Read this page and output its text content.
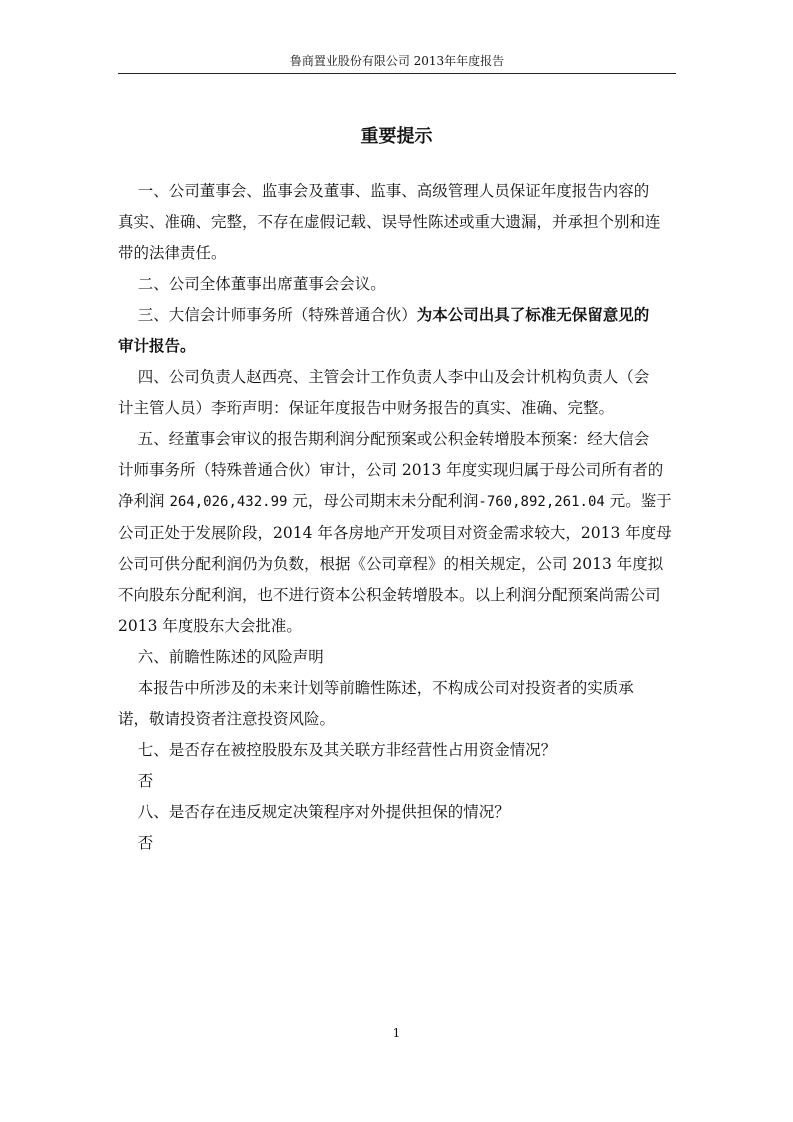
鲁商置业股份有限公司 2013年年度报告
重要提示

一、公司董事会、监事会及董事、监事、高级管理人员保证年度报告内容的

真实、准确、完整，不存在虚假记载、误导性陈述或重大遗漏，并承担个别和连

带的法律责任。

二、公司全体董事出席董事会会议。

三、大信会计师事务所（特殊普通合伙）为本公司出具了标准无保留意见的

审计报告。

四、公司负责人赵西亮、主管会计工作负责人李中山及会计机构负责人（会

计主管人员）李珩声明：保证年度报告中财务报告的真实、准确、完整。

五、经董事会审议的报告期利润分配预案或公积金转增股本预案：经大信会

计师事务所（特殊普通合伙）审计，公司 2013 年度实现归属于母公司所有者的

净利润 264,026,432.99 元，母公司期末未分配利润-760,892,261.04 元。鉴于

公司正处于发展阶段，2014 年各房地产开发项目对资金需求较大，2013 年度母

公司可供分配利润仍为负数，根据《公司章程》的相关规定，公司 2013 年度拟

不向股东分配利润，也不进行资本公积金转增股本。以上利润分配预案尚需公司

2013 年度股东大会批准。

六、前瞻性陈述的风险声明

本报告中所涉及的未来计划等前瞻性陈述，不构成公司对投资者的实质承

诺，敬请投资者注意投资风险。

七、是否存在被控股股东及其关联方非经营性占用资金情况？

否

八、是否存在违反规定决策程序对外提供担保的情况？

否

1
